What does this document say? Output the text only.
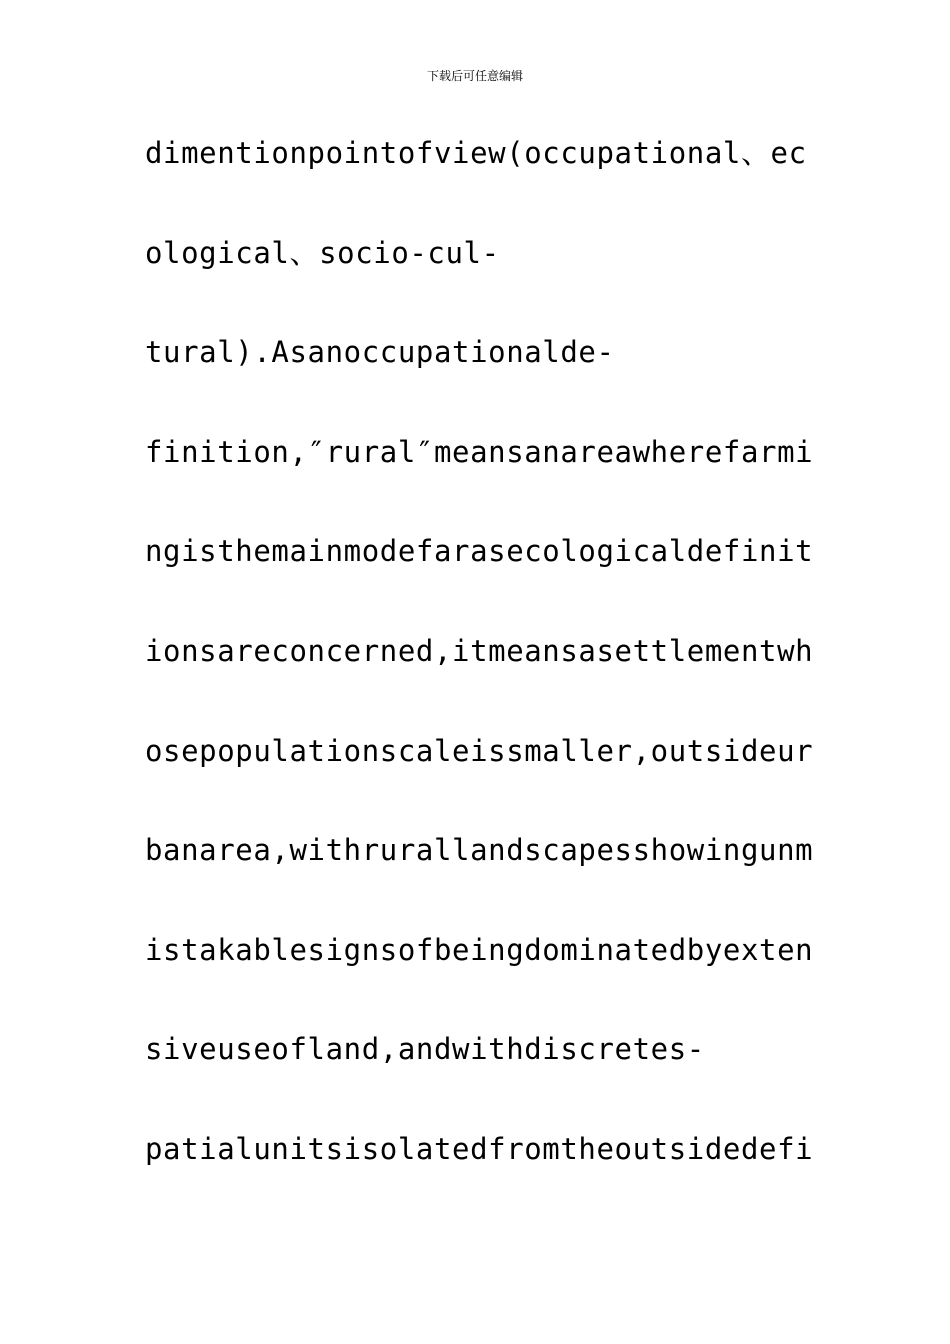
下载后可任意编辑
dimentionpointofview(occupational、ec
ological、socio-cul-
tural).Asanoccupationalde-
finition,″rural″meansanareawherefarmi
ngisthemainmodefarasecologicaldefinit
ionsareconcerned,itmeansasettlementwh
osepopulationscaleissmaller,outsideur
banarea,withrurallandscapesshowingunm
istakablesignsofbeingdominatedbyexten
siveuseofland,andwithdiscretes-
patialunitsisolatedfromtheoutsidedefi
